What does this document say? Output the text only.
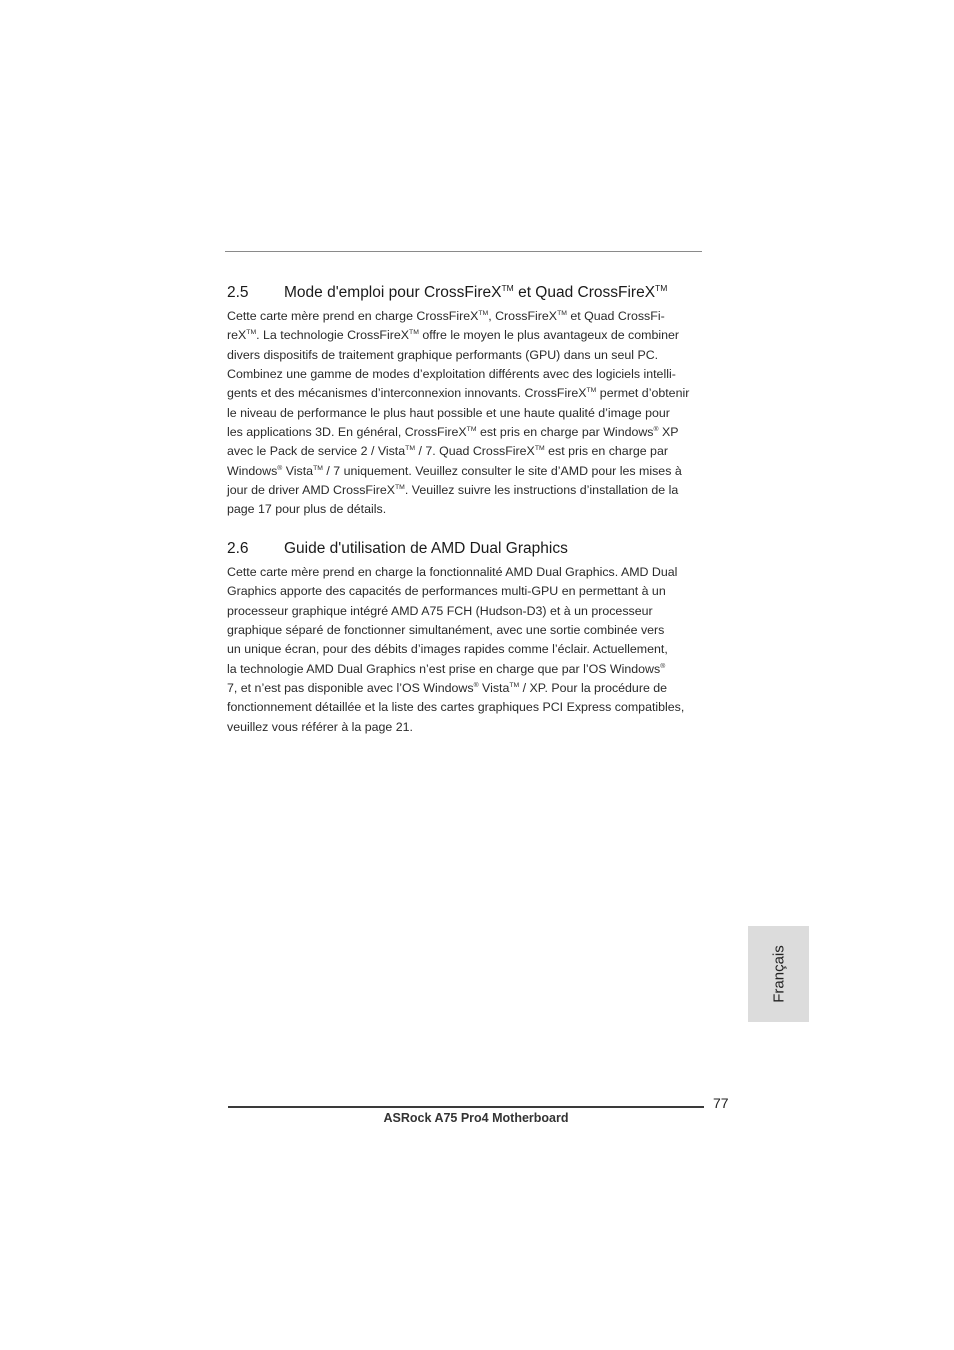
2.5	Mode d'emploi pour CrossFireX™ et Quad CrossFireX™
Cette carte mère prend en charge CrossFireX™, CrossFireX™ et Quad CrossFi-
reX™. La technologie CrossFireX™ offre le moyen le plus avantageux de combiner
divers dispositifs de traitement graphique performants (GPU) dans un seul PC.
Combinez une gamme de modes d’exploitation différents avec des logiciels intelli-
gents et des mécanismes d’interconnexion innovants. CrossFireX™ permet d’obtenir
le niveau de performance le plus haut possible et une haute qualité d’image pour
les applications 3D. En général, CrossFireX™ est pris en charge par Windows® XP
avec le Pack de service 2 / Vista™ / 7. Quad CrossFireX™ est pris en charge par
Windows® Vista™ / 7 uniquement. Veuillez consulter le site d’AMD pour les mises à
jour de driver AMD CrossFireX™. Veuillez suivre les instructions d’installation de la
page 17 pour plus de détails.
2.6	Guide d'utilisation de AMD Dual Graphics
Cette carte mère prend en charge la fonctionnalité AMD Dual Graphics. AMD Dual
Graphics apporte des capacités de performances multi-GPU en permettant à un
processeur graphique intégré AMD A75 FCH (Hudson-D3) et à un processeur
graphique séparé de fonctionner simultanément, avec une sortie combinée vers
un unique écran, pour des débits d’images rapides comme l’éclair. Actuellement,
la technologie AMD Dual Graphics n’est prise en charge que par l’OS Windows®
7, et n’est pas disponible avec l’OS Windows® Vista™ / XP. Pour la procédure de
fonctionnement détaillée et la liste des cartes graphiques PCI Express compatibles,
veuillez vous référer à la page 21.
Français
77
ASRock A75 Pro4 Motherboard
